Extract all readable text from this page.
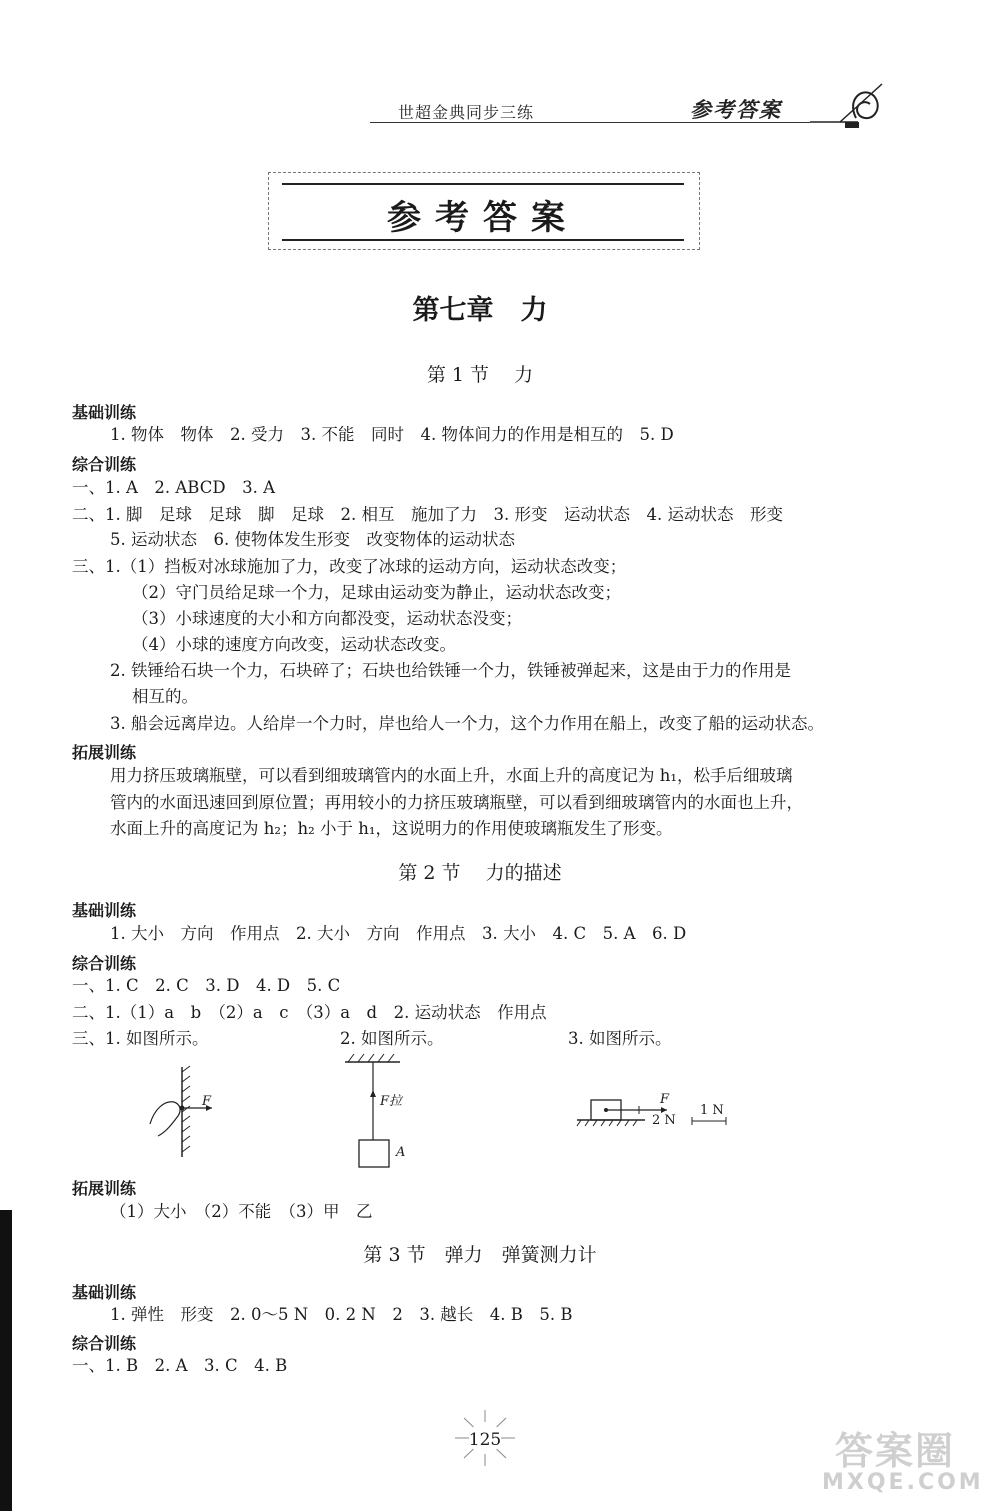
世超金典同步三练	参考答案
参考答案
第七章　力
第 1 节　 力
基础训练
1. 物体　物体　2. 受力　3. 不能　同时　4. 物体间力的作用是相互的　5. D
综合训练
一、1. A　2. ABCD　3. A
二、1. 脚　足球　足球　脚　足球　2. 相互　施加了力　3. 形变　运动状态　4. 运动状态　形变
5. 运动状态　6. 使物体发生形变　改变物体的运动状态
三、1.（1）挡板对冰球施加了力，改变了冰球的运动方向，运动状态改变；
（2）守门员给足球一个力，足球由运动变为静止，运动状态改变；
（3）小球速度的大小和方向都没变，运动状态没变；
（4）小球的速度方向改变，运动状态改变。
2. 铁锤给石块一个力，石块碎了；石块也给铁锤一个力，铁锤被弹起来，这是由于力的作用是
相互的。
3. 船会远离岸边。人给岸一个力时，岸也给人一个力，这个力作用在船上，改变了船的运动状态。
拓展训练
用力挤压玻璃瓶壁，可以看到细玻璃管内的水面上升，水面上升的高度记为 h₁，松手后细玻璃
管内的水面迅速回到原位置；再用较小的力挤压玻璃瓶壁，可以看到细玻璃管内的水面也上升，
水面上升的高度记为 h₂；h₂ 小于 h₁，这说明力的作用使玻璃瓶发生了形变。
第 2 节　 力的描述
基础训练
1. 大小　方向　作用点　2. 大小　方向　作用点　3. 大小　4. C　5. A　6. D
综合训练
一、1. C　2. C　3. D　4. D　5. C
二、1.（1）a　b　（2）a　c　（3）a　d　2. 运动状态　作用点
三、1. 如图所示。	2. 如图所示。	3. 如图所示。
F	F拉
A
F
2 N
1 N
拓展训练
（1）大小　（2）不能　（3）甲　乙
第 3 节　弹力　弹簧测力计
基础训练
1. 弹性　形变　2. 0～5 N　0. 2 N　2　3. 越长　4. B　5. B
综合训练
一、1. B　2. A　3. C　4. B
125	答案圈
MXQE.COM
